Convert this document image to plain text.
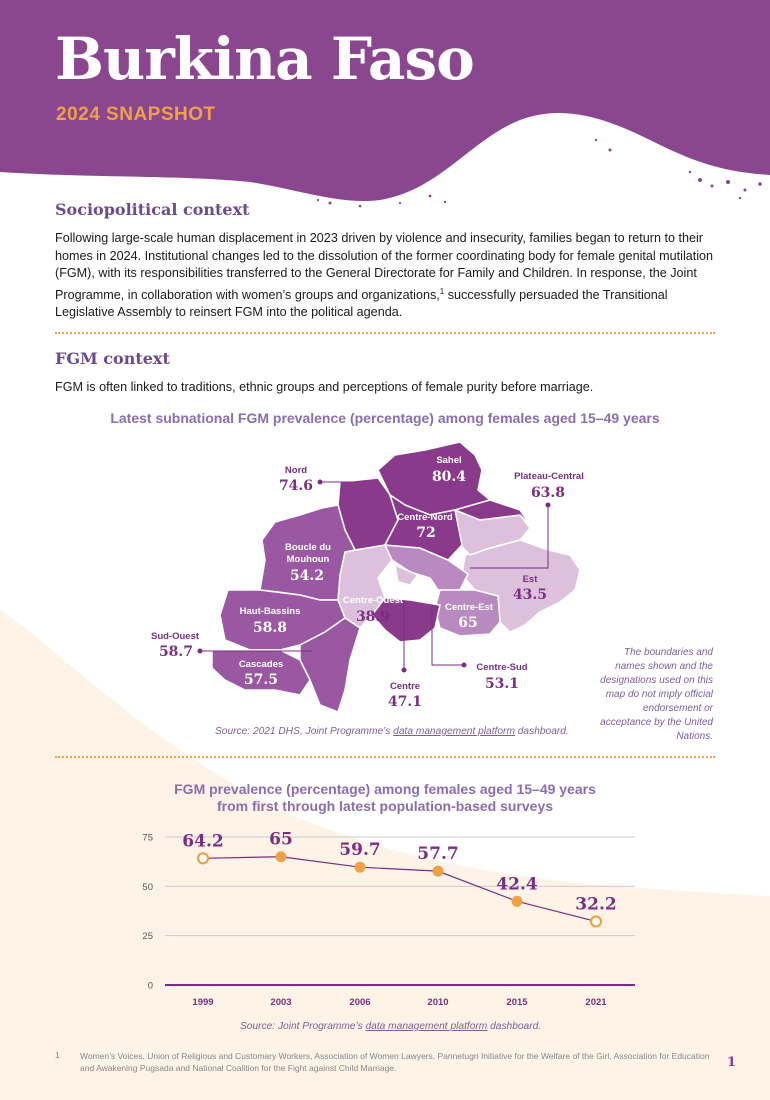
Burkina Faso
2024 SNAPSHOT
Sociopolitical context

Following large-scale human displacement in 2023 driven by violence and insecurity, families began to return to their homes in 2024. Institutional changes led to the dissolution of the former coordinating body for female genital mutilation (FGM), with its responsibilities transferred to the General Directorate for Family and Children. In response, the Joint Programme, in collaboration with women’s groups and organizations,$^1$ successfully persuaded the Transitional Legislative Assembly to reinsert FGM into the political agenda.

FGM context

FGM is often linked to traditions, ethnic groups and perceptions of female purity before marriage.

Latest subnational FGM prevalence (percentage) among females aged 15–49 years
Sahel
80.4
Nord
74.6
Plateau-Central
63.8
Centre-Nord
72
Boucle du
Mouhoun
54.2	Est
43.5
Centre-Ouest
38.9
Centre-Est
65
Haut-Bassins
58.8
Sud-Ouest
58.7
Cascades
57.5
Centre-Sud
53.1
Centre
47.1
Source: 2021 DHS, Joint Programme’s data management platform dashboard.
The boundaries and names shown and the designations used on this map do not imply official endorsement or acceptance by the United Nations.
FGM prevalence (percentage) among females aged 15–49 years
from first through latest population-based surveys
0
25
50
75
1999	2003	2006	2010	2015	2021
64.2	65
59.7 57.7
42.4
32.2
Source: Joint Programme’s data management platform dashboard.
1 Women’s Voices, Union of Religious and Customary Workers, Association of Women Lawyers, Pannetugri Initiative for the Welfare of the Girl, Association for Education and Awakening Pugsada and National Coalition for the Fight against Child Marriage.	1
